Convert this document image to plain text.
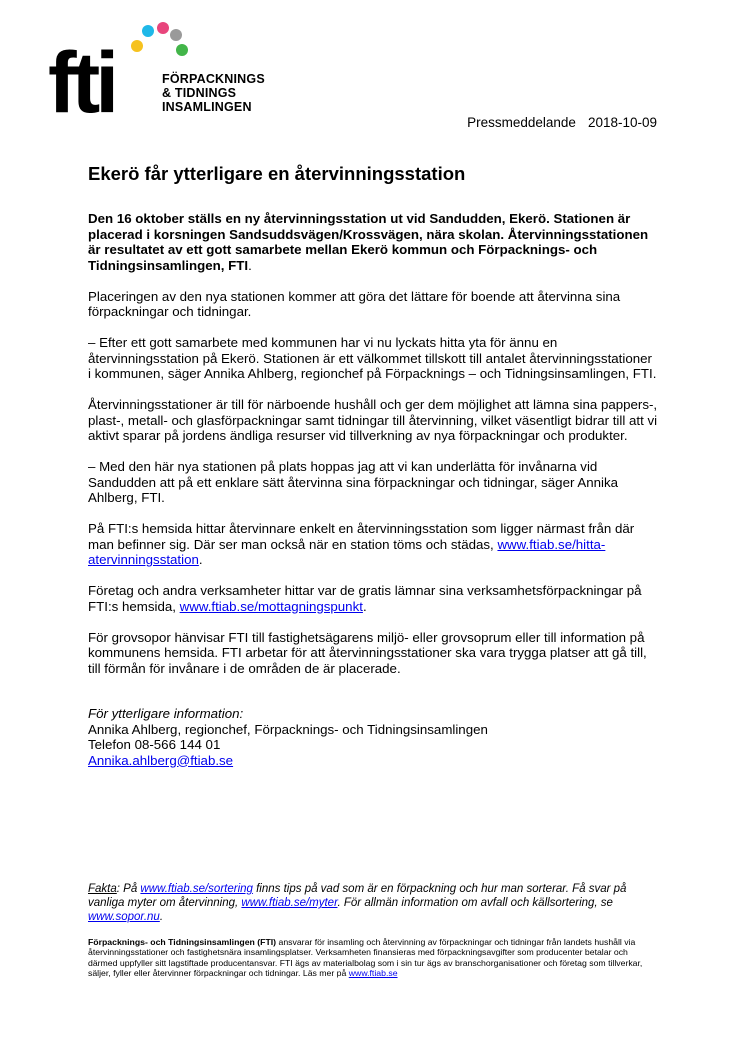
fti	FÖRPACKNINGS
& TIDNINGS
INSAMLINGEN
Pressmeddelande 2018-10-09
Ekerö får ytterligare en återvinningsstation

Den 16 oktober ställs en ny återvinningsstation ut vid Sandudden, Ekerö. Stationen är placerad i korsningen Sandsuddsvägen/Krossvägen, nära skolan. Återvinningsstationen är resultatet av ett gott samarbete mellan Ekerö kommun och Förpacknings- och Tidningsinsamlingen, FTI.

Placeringen av den nya stationen kommer att göra det lättare för boende att återvinna sina förpackningar och tidningar.

– Efter ett gott samarbete med kommunen har vi nu lyckats hitta yta för ännu en återvinningsstation på Ekerö. Stationen är ett välkommet tillskott till antalet återvinningsstationer i kommunen, säger Annika Ahlberg, regionchef på Förpacknings – och Tidningsinsamlingen, FTI.

Återvinningsstationer är till för närboende hushåll och ger dem möjlighet att lämna sina pappers-, plast-, metall- och glasförpackningar samt tidningar till återvinning, vilket väsentligt bidrar till att vi aktivt sparar på jordens ändliga resurser vid tillverkning av nya förpackningar och produkter.

– Med den här nya stationen på plats hoppas jag att vi kan underlätta för invånarna vid Sandudden att på ett enklare sätt återvinna sina förpackningar och tidningar, säger Annika Ahlberg, FTI.

På FTI:s hemsida hittar återvinnare enkelt en återvinningsstation som ligger närmast från där man befinner sig. Där ser man också när en station töms och städas, www.ftiab.se/hitta-atervinningsstation.

Företag och andra verksamheter hittar var de gratis lämnar sina verksamhetsförpackningar på FTI:s hemsida, www.ftiab.se/mottagningspunkt.

För grovsopor hänvisar FTI till fastighetsägarens miljö- eller grovsoprum eller till information på kommunens hemsida. FTI arbetar för att återvinningsstationer ska vara trygga platser att gå till, till förmån för invånare i de områden de är placerade.

För ytterligare information:
Annika Ahlberg, regionchef, Förpacknings- och Tidningsinsamlingen
Telefon 08-566 144 01
Annika.ahlberg@ftiab.se
Fakta: På www.ftiab.se/sortering finns tips på vad som är en förpackning och hur man sorterar. Få svar på vanliga myter om återvinning, www.ftiab.se/myter. För allmän information om avfall och källsortering, se www.sopor.nu.
Förpacknings- och Tidningsinsamlingen (FTI) ansvarar för insamling och återvinning av förpackningar och tidningar från landets hushåll via återvinningsstationer och fastighetsnära insamlingsplatser. Verksamheten finansieras med förpackningsavgifter som producenter betalar och därmed uppfyller sitt lagstiftade producentansvar. FTI ägs av materialbolag som i sin tur ägs av branschorganisationer och företag som tillverkar, säljer, fyller eller återvinner förpackningar och tidningar. Läs mer på www.ftiab.se
